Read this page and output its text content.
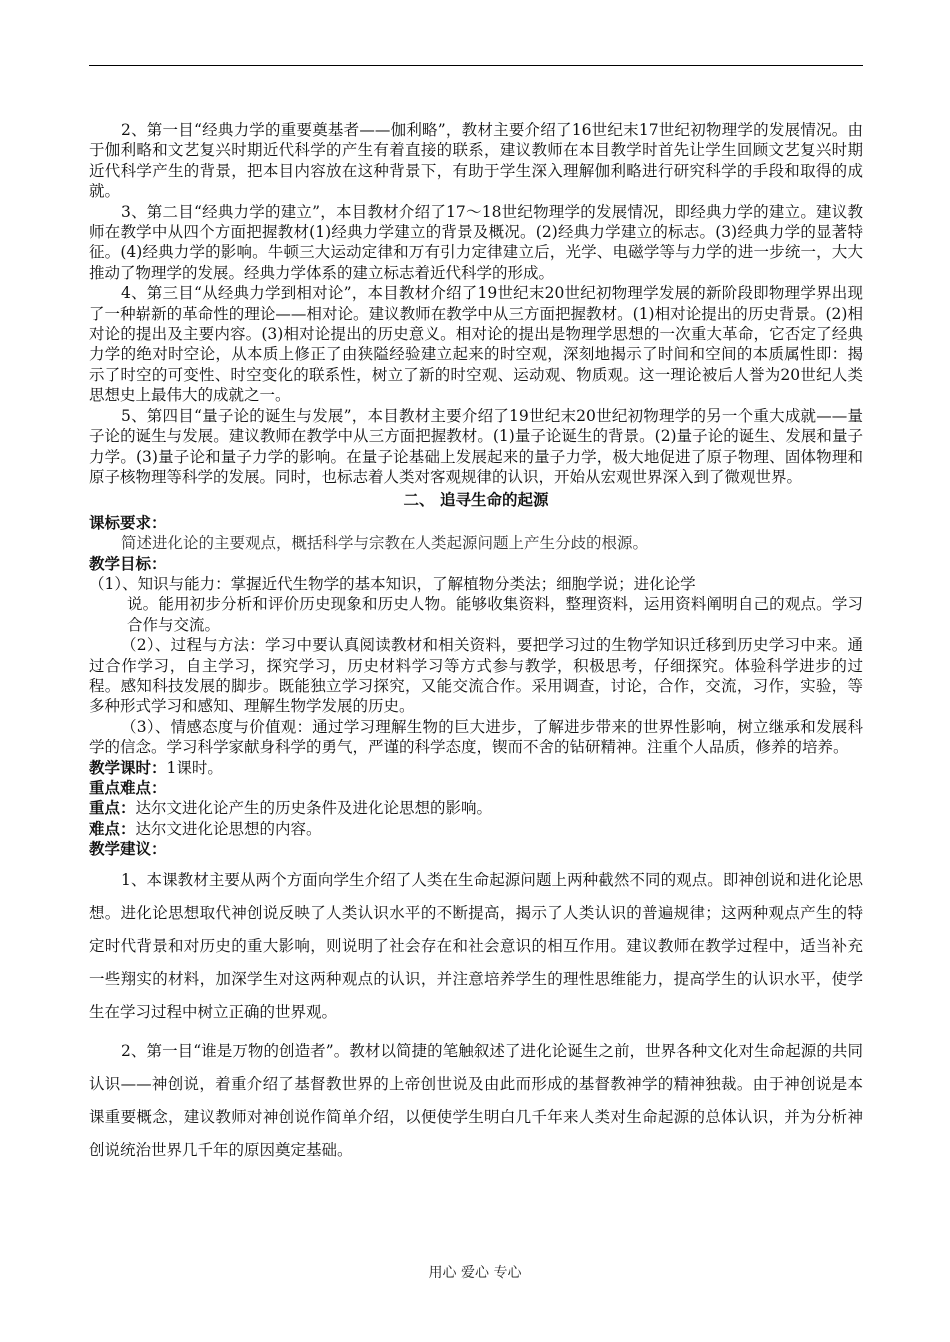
2、第一目“经典力学的重要奠基者——伽利略”，教材主要介绍了16世纪末17世纪初物理学的发展情况。由于伽利略和文艺复兴时期近代科学的产生有着直接的联系，建议教师在本目教学时首先让学生回顾文艺复兴时期近代科学产生的背景，把本目内容放在这种背景下，有助于学生深入理解伽利略进行研究科学的手段和取得的成就。

3、第二目“经典力学的建立”，本目教材介绍了17～18世纪物理学的发展情况，即经典力学的建立。建议教师在教学中从四个方面把握教材(1)经典力学建立的背景及概况。(2)经典力学建立的标志。(3)经典力学的显著特征。(4)经典力学的影响。牛顿三大运动定律和万有引力定律建立后，光学、电磁学等与力学的进一步统一，大大推动了物理学的发展。经典力学体系的建立标志着近代科学的形成。

4、第三目“从经典力学到相对论”，本目教材介绍了19世纪末20世纪初物理学发展的新阶段即物理学界出现了一种崭新的革命性的理论——相对论。建议教师在教学中从三方面把握教材。(1)相对论提出的历史背景。(2)相对论的提出及主要内容。(3)相对论提出的历史意义。相对论的提出是物理学思想的一次重大革命，它否定了经典力学的绝对时空论，从本质上修正了由狭隘经验建立起来的时空观，深刻地揭示了时间和空间的本质属性即：揭示了时空的可变性、时空变化的联系性，树立了新的时空观、运动观、物质观。这一理论被后人誉为20世纪人类思想史上最伟大的成就之一。

5、第四目“量子论的诞生与发展”，本目教材主要介绍了19世纪末20世纪初物理学的另一个重大成就——量子论的诞生与发展。建议教师在教学中从三方面把握教材。(1)量子论诞生的背景。(2)量子论的诞生、发展和量子力学。(3)量子论和量子力学的影响。在量子论基础上发展起来的量子力学，极大地促进了原子物理、固体物理和原子核物理等科学的发展。同时，也标志着人类对客观规律的认识，开始从宏观世界深入到了微观世界。

二、 追寻生命的起源

课标要求：

简述进化论的主要观点，概括科学与宗教在人类起源问题上产生分歧的根源。

教学目标：

（1）、知识与能力：掌握近代生物学的基本知识，了解植物分类法；细胞学说；进化论学

说。能用初步分析和评价历史现象和历史人物。能够收集资料，整理资料，运用资料阐明自己的观点。学习合作与交流。

（2）、过程与方法：学习中要认真阅读教材和相关资料，要把学习过的生物学知识迁移到历史学习中来。通过合作学习，自主学习，探究学习，历史材料学习等方式参与教学，积极思考，仔细探究。体验科学进步的过程。感知科技发展的脚步。既能独立学习探究，又能交流合作。采用调查，讨论，合作，交流，习作，实验，等多种形式学习和感知、理解生物学发展的历史。

（3）、情感态度与价值观：通过学习理解生物的巨大进步，了解进步带来的世界性影响，树立继承和发展科学的信念。学习科学家献身科学的勇气，严谨的科学态度，锲而不舍的钻研精神。注重个人品质，修养的培养。

教学课时：1课时。

重点难点：

重点：达尔文进化论产生的历史条件及进化论思想的影响。

难点：达尔文进化论思想的内容。

教学建议：

1、本课教材主要从两个方面向学生介绍了人类在生命起源问题上两种截然不同的观点。即神创说和进化论思想。进化论思想取代神创说反映了人类认识水平的不断提高，揭示了人类认识的普遍规律；这两种观点产生的特定时代背景和对历史的重大影响，则说明了社会存在和社会意识的相互作用。建议教师在教学过程中，适当补充一些翔实的材料，加深学生对这两种观点的认识，并注意培养学生的理性思维能力，提高学生的认识水平，使学生在学习过程中树立正确的世界观。

2、第一目“谁是万物的创造者”。教材以简捷的笔触叙述了进化论诞生之前，世界各种文化对生命起源的共同认识——神创说，着重介绍了基督教世界的上帝创世说及由此而形成的基督教神学的精神独裁。由于神创说是本课重要概念，建议教师对神创说作简单介绍，以便使学生明白几千年来人类对生命起源的总体认识，并为分析神创说统治世界几千年的原因奠定基础。

用心 爱心 专心
